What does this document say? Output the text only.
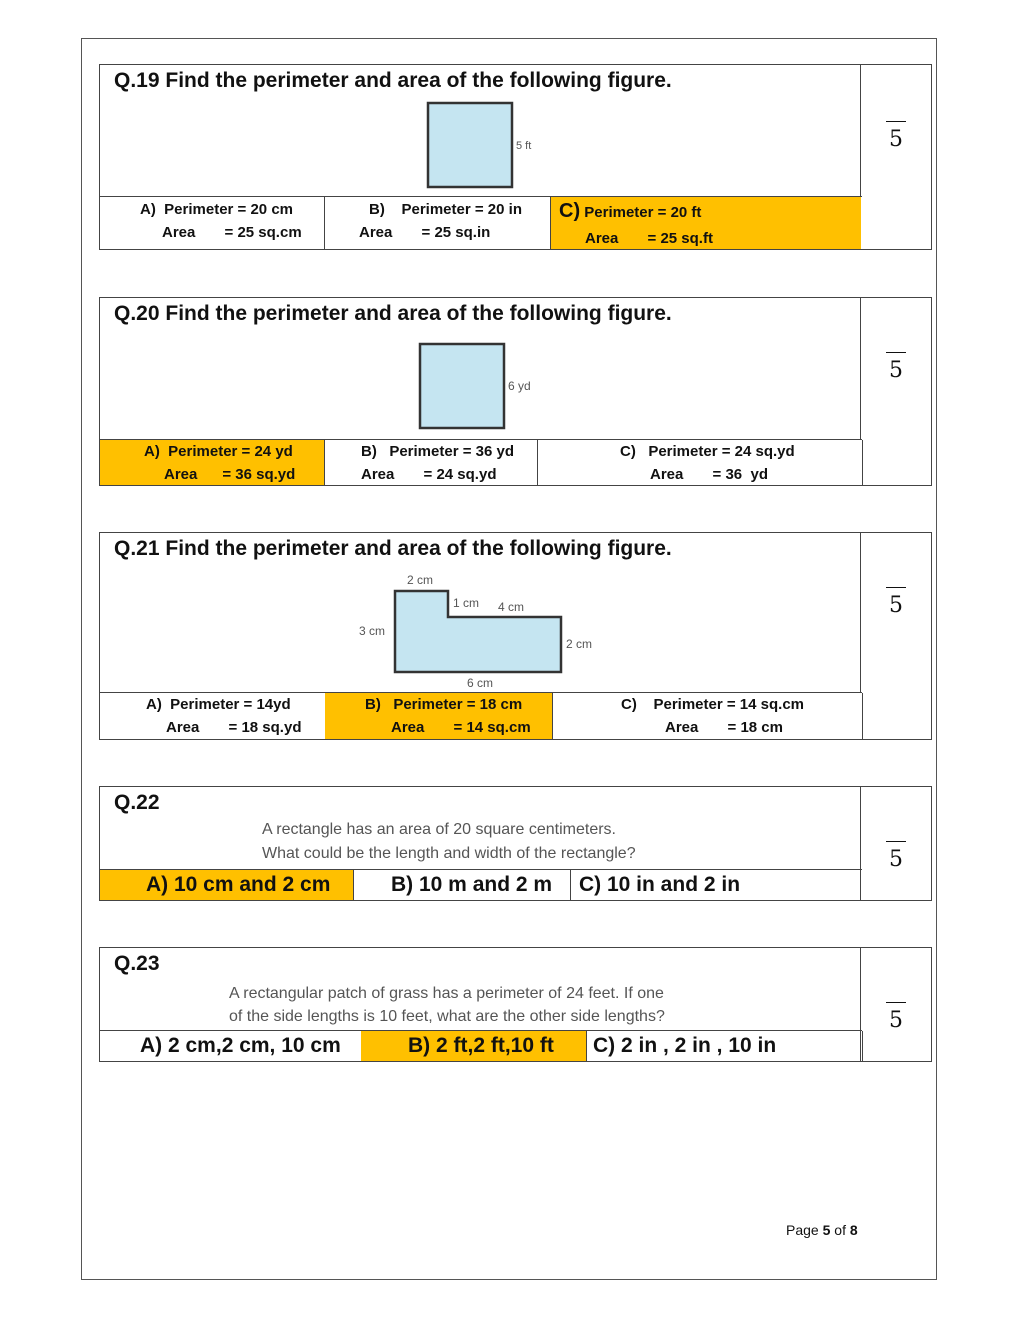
Q.19 Find the perimeter and area of the following figure.
5 ft	5
A)  Perimeter = 20 cm
Area       = 25 sq.cm
B)    Perimeter = 20 in
Area       = 25 sq.in
C) Perimeter = 20 ft
Area       = 25 sq.ft
Q.20 Find the perimeter and area of the following figure.
6 yd
5
A)  Perimeter = 24 yd
Area      = 36 sq.yd
B)   Perimeter = 36 yd
Area       = 24 sq.yd
C)   Perimeter = 24 sq.yd
Area       = 36  yd
Q.21 Find the perimeter and area of the following figure.
2 cm
1 cm 4 cm
3 cm
2 cm
6 cm
5
A)  Perimeter = 14yd
Area       = 18 sq.yd
B)   Perimeter = 18 cm
Area       = 14 sq.cm
C)    Perimeter = 14 sq.cm
Area       = 18 cm
Q.22
A rectangle has an area of 20 square centimeters.
What could be the length and width of the rectangle?	5
A) 10 cm and 2 cm	B) 10 m and 2 m C) 10 in and 2 in
Q.23
A rectangular patch of grass has a perimeter of 24 feet. If one
of the side lengths is 10 feet, what are the other side lengths?	5
A) 2 cm,2 cm, 10 cm	B) 2 ft,2 ft,10 ft C) 2 in , 2 in , 10 in
Page 5 of 8
